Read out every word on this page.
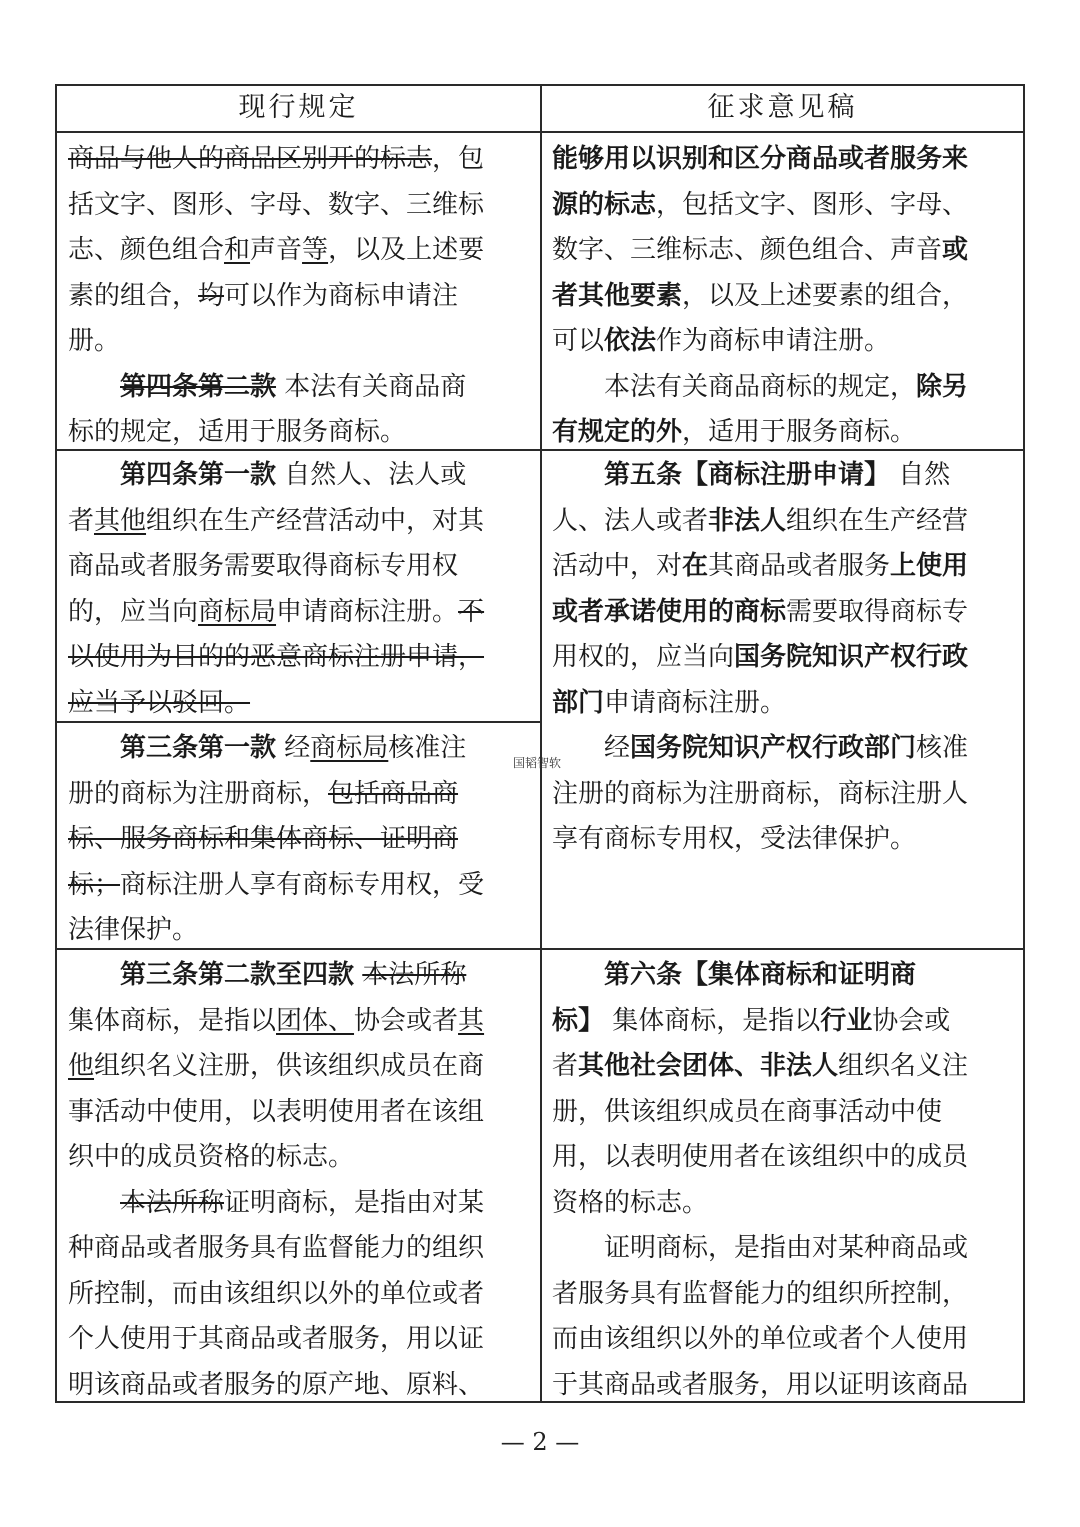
现行规定	征求意见稿
商品与他人的商品区别开的标志，包
括文字、图形、字母、数字、三维标
志、颜色组合和声音等，以及上述要
素的组合，均可以作为商标申请注
册。
第四条第二款 本法有关商品商
标的规定，适用于服务商标。
能够用以识别和区分商品或者服务来
源的标志，包括文字、图形、字母、
数字、三维标志、颜色组合、声音或
者其他要素，以及上述要素的组合，
可以依法作为商标申请注册。
本法有关商品商标的规定，除另
有规定的外，适用于服务商标。
第四条第一款 自然人、法人或
者其他组织在生产经营活动中，对其
商品或者服务需要取得商标专用权
的，应当向商标局申请商标注册。不
以使用为目的的恶意商标注册申请，
应当予以驳回。
第三条第一款 经商标局核准注
册的商标为注册商标，包括商品商
标、服务商标和集体商标、证明商
标；商标注册人享有商标专用权，受
法律保护。
第五条【商标注册申请】 自然
人、法人或者非法人组织在生产经营
活动中，对在其商品或者服务上使用
或者承诺使用的商标需要取得商标专
用权的，应当向国务院知识产权行政
部门申请商标注册。
经国务院知识产权行政部门核准
注册的商标为注册商标，商标注册人
享有商标专用权，受法律保护。
第三条第二款至四款 本法所称
集体商标，是指以团体、协会或者其
他组织名义注册，供该组织成员在商
事活动中使用，以表明使用者在该组
织中的成员资格的标志。
本法所称证明商标，是指由对某
种商品或者服务具有监督能力的组织
所控制，而由该组织以外的单位或者
个人使用于其商品或者服务，用以证
明该商品或者服务的原产地、原料、
第六条【集体商标和证明商
标】 集体商标，是指以行业协会或
者其他社会团体、非法人组织名义注
册，供该组织成员在商事活动中使
用，以表明使用者在该组织中的成员
资格的标志。
证明商标，是指由对某种商品或
者服务具有监督能力的组织所控制，
而由该组织以外的单位或者个人使用
于其商品或者服务，用以证明该商品
国韬智软
— 2 —
